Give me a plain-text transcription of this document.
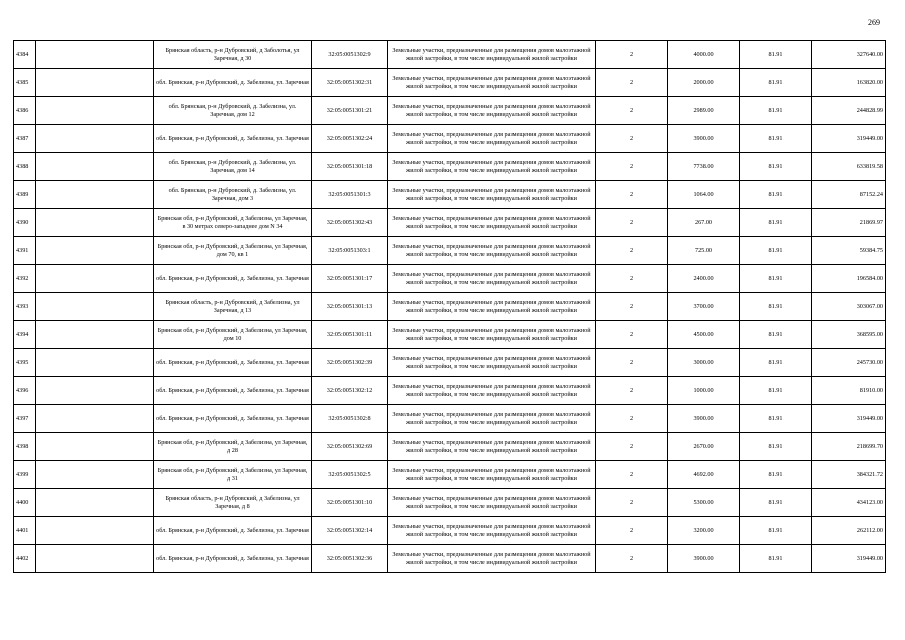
269
4384		Брянская область, р-н Дубровский, д Заболотья, ул Заречная, д 30	32:05:0051302:9	Земельные участки, предназначенные для размещения домов малоэтажной жилой застройки, в том числе индивидуальной жилой застройки	2	4000.00	81.91	327640.00
4385		обл. Брянская, р-н Дубровский, д. Забелизна, ул. Заречная	32:05:0051302:31	Земельные участки, предназначенные для размещения домов малоэтажной жилой застройки, в том числе индивидуальной жилой застройки	2	2000.00	81.91	163820.00
4386		обл. Брянская, р-н Дубровский, д. Забелизна, ул. Заречная, дом 12	32:05:0051301:21	Земельные участки, предназначенные для размещения домов малоэтажной жилой застройки, в том числе индивидуальной жилой застройки	2	2989.00	81.91	244828.99
4387		обл. Брянская, р-н Дубровский, д. Забелизна, ул. Заречная	32:05:0051302:24	Земельные участки, предназначенные для размещения домов малоэтажной жилой застройки, в том числе индивидуальной жилой застройки	2	3900.00	81.91	319449.00
4388		обл. Брянская, р-н Дубровский, д. Забелизна, ул. Заречная, дом 14	32:05:0051301:18	Земельные участки, предназначенные для размещения домов малоэтажной жилой застройки, в том числе индивидуальной жилой застройки	2	7738.00	81.91	633819.58
4389		обл. Брянская, р-н Дубровский, д. Забелизна, ул. Заречная, дом 3	32:05:0051301:3	Земельные участки, предназначенные для размещения домов малоэтажной жилой застройки, в том числе индивидуальной жилой застройки	2	1064.00	81.91	87152.24
4390		Брянская обл, р-н Дубровский, д Забелизна, ул Заречная, в 30 метрах северо-западнее дом N 34	32:05:0051302:43	Земельные участки, предназначенные для размещения домов малоэтажной жилой застройки, в том числе индивидуальной жилой застройки	2	267.00	81.91	21869.97
4391		Брянская обл, р-н Дубровский, д Забелизна, ул Заречная, дом 70, кв 1	32:05:0051303:1	Земельные участки, предназначенные для размещения домов малоэтажной жилой застройки, в том числе индивидуальной жилой застройки	2	725.00	81.91	59384.75
4392		обл. Брянская, р-н Дубровский, д. Забелизна, ул. Заречная	32:05:0051301:17	Земельные участки, предназначенные для размещения домов малоэтажной жилой застройки, в том числе индивидуальной жилой застройки	2	2400.00	81.91	196584.00
4393		Брянская область, р-н Дубровский, д Забелизна, ул Заречная, д 13	32:05:0051301:13	Земельные участки, предназначенные для размещения домов малоэтажной жилой застройки, в том числе индивидуальной жилой застройки	2	3700.00	81.91	303067.00
4394		Брянская обл, р-н Дубровский, д Забелизна, ул Заречная, дом 10	32:05:0051301:11	Земельные участки, предназначенные для размещения домов малоэтажной жилой застройки, в том числе индивидуальной жилой застройки	2	4500.00	81.91	368595.00
4395		обл. Брянская, р-н Дубровский, д. Забелизна, ул. Заречная	32:05:0051302:39	Земельные участки, предназначенные для размещения домов малоэтажной жилой застройки, в том числе индивидуальной жилой застройки	2	3000.00	81.91	245730.00
4396		обл. Брянская, р-н Дубровский, д. Забелизна, ул. Заречная	32:05:0051302:12	Земельные участки, предназначенные для размещения домов малоэтажной жилой застройки, в том числе индивидуальной жилой застройки	2	1000.00	81.91	81910.00
4397		обл. Брянская, р-н Дубровский, д. Забелизна, ул. Заречная	32:05:0051302:8	Земельные участки, предназначенные для размещения домов малоэтажной жилой застройки, в том числе индивидуальной жилой застройки	2	3900.00	81.91	319449.00
4398		Брянская обл, р-н Дубровский, д Забелизна, ул Заречная, д 28	32:05:0051302:69	Земельные участки, предназначенные для размещения домов малоэтажной жилой застройки, в том числе индивидуальной жилой застройки	2	2670.00	81.91	218699.70
4399		Брянская обл, р-н Дубровский, д Забелизна, ул Заречная, д 31	32:05:0051302:5	Земельные участки, предназначенные для размещения домов малоэтажной жилой застройки, в том числе индивидуальной жилой застройки	2	4692.00	81.91	384321.72
4400		Брянская область, р-н Дубровский, д Забелизна, ул Заречная, д 8	32:05:0051301:10	Земельные участки, предназначенные для размещения домов малоэтажной жилой застройки, в том числе индивидуальной жилой застройки	2	5300.00	81.91	434123.00
4401		обл. Брянская, р-н Дубровский, д. Забелизна, ул. Заречная	32:05:0051302:14	Земельные участки, предназначенные для размещения домов малоэтажной жилой застройки, в том числе индивидуальной жилой застройки	2	3200.00	81.91	262112.00
4402		обл. Брянская, р-н Дубровский, д. Забелизна, ул. Заречная	32:05:0051302:36	Земельные участки, предназначенные для размещения домов малоэтажной жилой застройки, в том числе индивидуальной жилой застройки	2	3900.00	81.91	319449.00
